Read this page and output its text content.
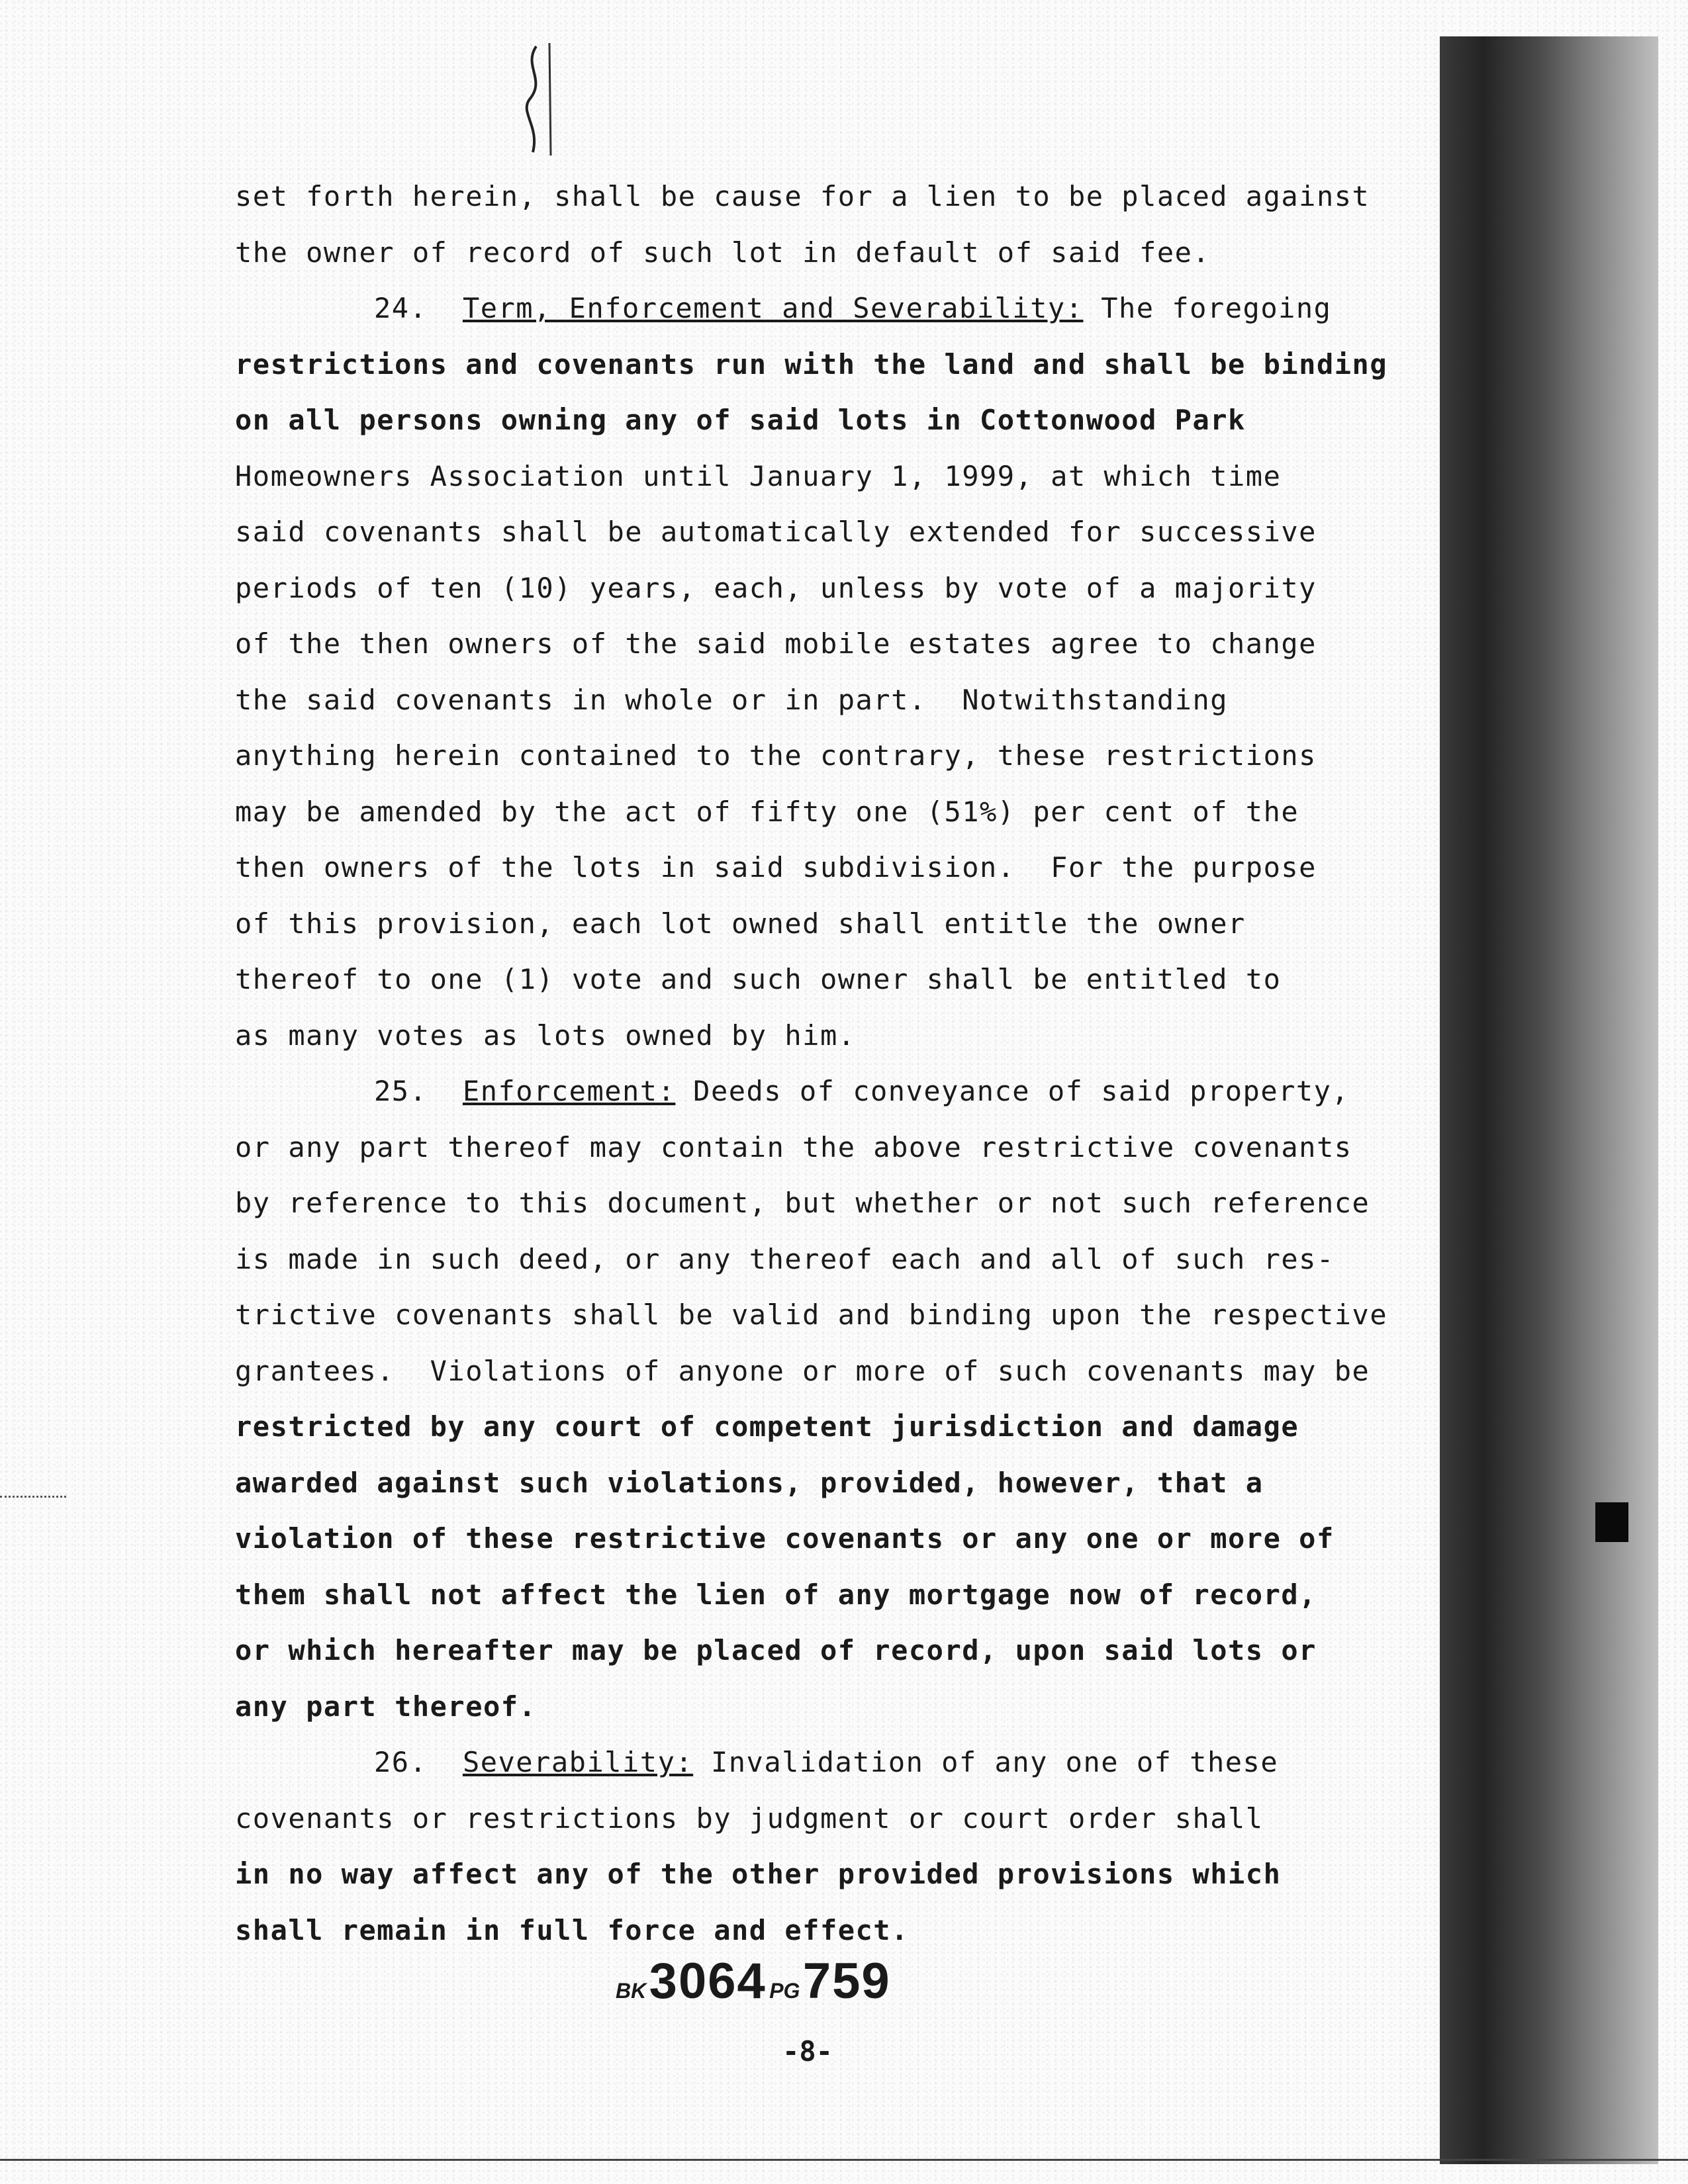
set forth herein, shall be cause for a lien to be placed against
the owner of record of such lot in default of said fee.
24. Term, Enforcement and Severability: The foregoing
restrictions and covenants run with the land and shall be binding
on all persons owning any of said lots in Cottonwood Park
Homeowners Association until January 1, 1999, at which time
said covenants shall be automatically extended for successive
periods of ten (10) years, each, unless by vote of a majority
of the then owners of the said mobile estates agree to change
the said covenants in whole or in part.  Notwithstanding
anything herein contained to the contrary, these restrictions
may be amended by the act of fifty one (51%) per cent of the
then owners of the lots in said subdivision.  For the purpose
of this provision, each lot owned shall entitle the owner
thereof to one (1) vote and such owner shall be entitled to
as many votes as lots owned by him.
25. Enforcement: Deeds of conveyance of said property,
or any part thereof may contain the above restrictive covenants
by reference to this document, but whether or not such reference
is made in such deed, or any thereof each and all of such res-
trictive covenants shall be valid and binding upon the respective
grantees.  Violations of anyone or more of such covenants may be
restricted by any court of competent jurisdiction and damage
awarded against such violations, provided, however, that a
violation of these restrictive covenants or any one or more of
them shall not affect the lien of any mortgage now of record,
or which hereafter may be placed of record, upon said lots or
any part thereof.
26. Severability: Invalidation of any one of these
covenants or restrictions by judgment or court order shall
in no way affect any of the other provided provisions which
shall remain in full force and effect.
BK 3064 PG 759
-8-
